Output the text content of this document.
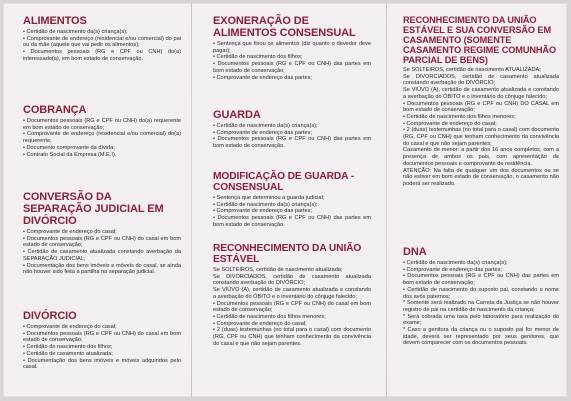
ALIMENTOS

• Certidão de nascimento da(s) criança(s);

• Comprovante de endereço (residencial e/ou comercial) do pai ou da mãe (aquele que vai pedir os alimentos);

• Documentos pessoais (RG e CPF ou CNH) do(a) interessado(a), em bom estado de conservação.

COBRANÇA

• Documentos pessoais (RG e CPF ou CNH) do(a) requerente em bom estado de conservação;

• Comprovante de endereço (residencial e/ou comercial) do(a) requerente;

• Documento comprovante da dívida;

• Contrato Social da Empresa (M.E.I).

CONVERSÃO DA SEPARAÇÃO JUDICIAL EM DIVÓRCIO

• Comprovante de endereço do casal;

• Documentos pessoais (RG e CPF ou CNH) do casal em bom estado de conservação;

• Certidão de casamento atualizada constando averbação da SEPARAÇÃO JUDICIAL;

• Documentação dos bens imóveis e móveis do casal, se ainda não houver sido feita a partilha na separação judicial.

DIVÓRCIO

• Comprovante de endereço do casal;

• Documentos pessoais (RG e CPF ou CNH) do casal em bom estado de conservação;

• Certidão de nascimento dos filhos;

• Certidão de casamento atualizada;

• Documentação dos bens imóveis e móveis adquiridos pelo casal.

EXONERAÇÃO DE ALIMENTOS CONSENSUAL

• Sentença que fixou os alimentos (diz quanto o devedor deve pagar);

• Certidão de nascimento dos filhos;

• Documentos pessoais (RG e CPF ou CNH) das partes em bom estado de conservação;

• Comprovante de endereço das partes;

GUARDA

• Certidão de nascimento da(s) criança(s);

• Comprovante de endereço das partes;

• Documentos pessoais (RG e CPF ou CNH) das partes em bom estado de conservação.

MODIFICAÇÃO DE GUARDA - CONSENSUAL

• Sentença que determinou a guarda judicial;

• Certidão de nascimento da(s) criança(s);

• Comprovante de endereço das partes;

• Documentos pessoais (RG e CPF ou CNH) das partes em bom estado de conservação.

RECONHECIMENTO DA UNIÃO ESTÁVEL

Se SOLTEIROS, certidão de nascimento atualizada;

Se DIVORCIADOS, certidão de casamento atualizada constando averbação do DIVÓRCIO;

Se VIÚVO (A), certidão de casamento atualizada e constando a averbação do ÓBITO e o inventário do cônjuge falecido;

• Documentos pessoais (RG e CPF ou CNH) do casal em bom estado de conservação;

• Certidão de nascimento dos filhos menores;

• Comprovante de endereço do casal;

• 2 (duas) testemunhas (no total para o casal) com documento (RG, CPF ou CNH) que tenham conhecimento da convivência do casal e que não sejam parentes.

RECONHECIMENTO DA UNIÃO ESTÁVEL E SUA CONVERSÃO EM CASAMENTO (SOMENTE CASAMENTO REGIME COMUNHÃO PARCIAL DE BENS)

Se SOLTEIROS, certidão de nascimento ATUALIZADA;

Se DIVORCIADOS, certidão de casamento atualizada constando averbação do DIVÓRCIO;

Se VIÚVO (A), certidão de casamento atualizada e constando a averbação do ÓBITO e o inventário do cônjuge falecido;

• Documentos pessoais (RG e CPF ou CNH) DO CASAL em bom estado de conservação;

• Certidão de nascimento dos filhos menores;

• Comprovante de endereço do casal;

• 2 (duas) testemunhas (no total para o casal) com documento (RG, CPF ou CNH) que tenham conhecimento da convivência do casal e que não sejam parentes;

Casamento de menor: a partir dos 16 anos completos, com a presença de ambos os pais, com apresentação de documentos pessoais e comprovante de residência.

ATENÇÃO: Na falta de qualquer um dos documentos ou se não estiver em bom estado de conservação, o casamento não poderá ser realizado.

DNA

• Certidão de nascimento da(s) criança(s);

• Comprovante de endereço das partes;

• Documentos pessoais (RG e CPF ou CNH) das partes em bom estado de conservação;

• Certidão de nascimento do suposto pai, constando o nome dos avós paternos;

* Somente será realizado na Carreta da Justiça se não houver registro de pai na certidão de nascimento da criança;

* Será cobrada uma taxa pelo laboratório para realização do exame;

* Caso a genitora da criança ou o suposto pai for menor de idade, deverá ser representado por seus genitores, que devem comparecer com os documentos pessoais.
